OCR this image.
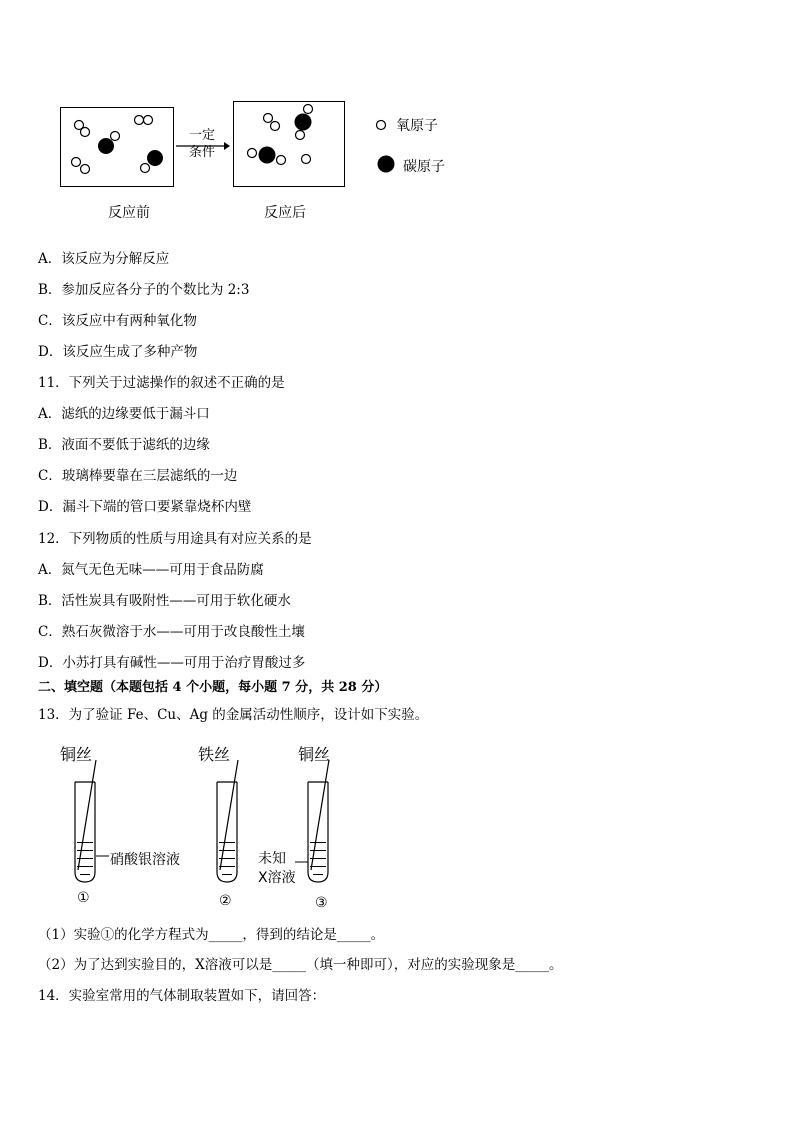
一定
条件
反应前	反应后
氧原子
碳原子
A．该反应为分解反应
B．参加反应各分子的个数比为 2:3
C．该反应中有两种氧化物
D．该反应生成了多种产物
11．下列关于过滤操作的叙述不正确的是
A．滤纸的边缘要低于漏斗口
B．液面不要低于滤纸的边缘
C．玻璃棒要靠在三层滤纸的一边
D．漏斗下端的管口要紧靠烧杯内壁
12．下列物质的性质与用途具有对应关系的是
A．氮气无色无味——可用于食品防腐
B．活性炭具有吸附性——可用于软化硬水
C．熟石灰微溶于水——可用于改良酸性土壤
D．小苏打具有碱性——可用于治疗胃酸过多
二、填空题（本题包括 4 个小题，每小题 7 分，共 28 分）
13．为了验证 Fe、Cu、Ag 的金属活动性顺序，设计如下实验。
铜丝
硝酸银溶液
①
铁丝
②
未知
X溶液
铜丝
③
（1）实验①的化学方程式为_____，得到的结论是_____。
（2）为了达到实验目的，X溶液可以是_____（填一种即可），对应的实验现象是_____。
14．实验室常用的气体制取装置如下，请回答：
